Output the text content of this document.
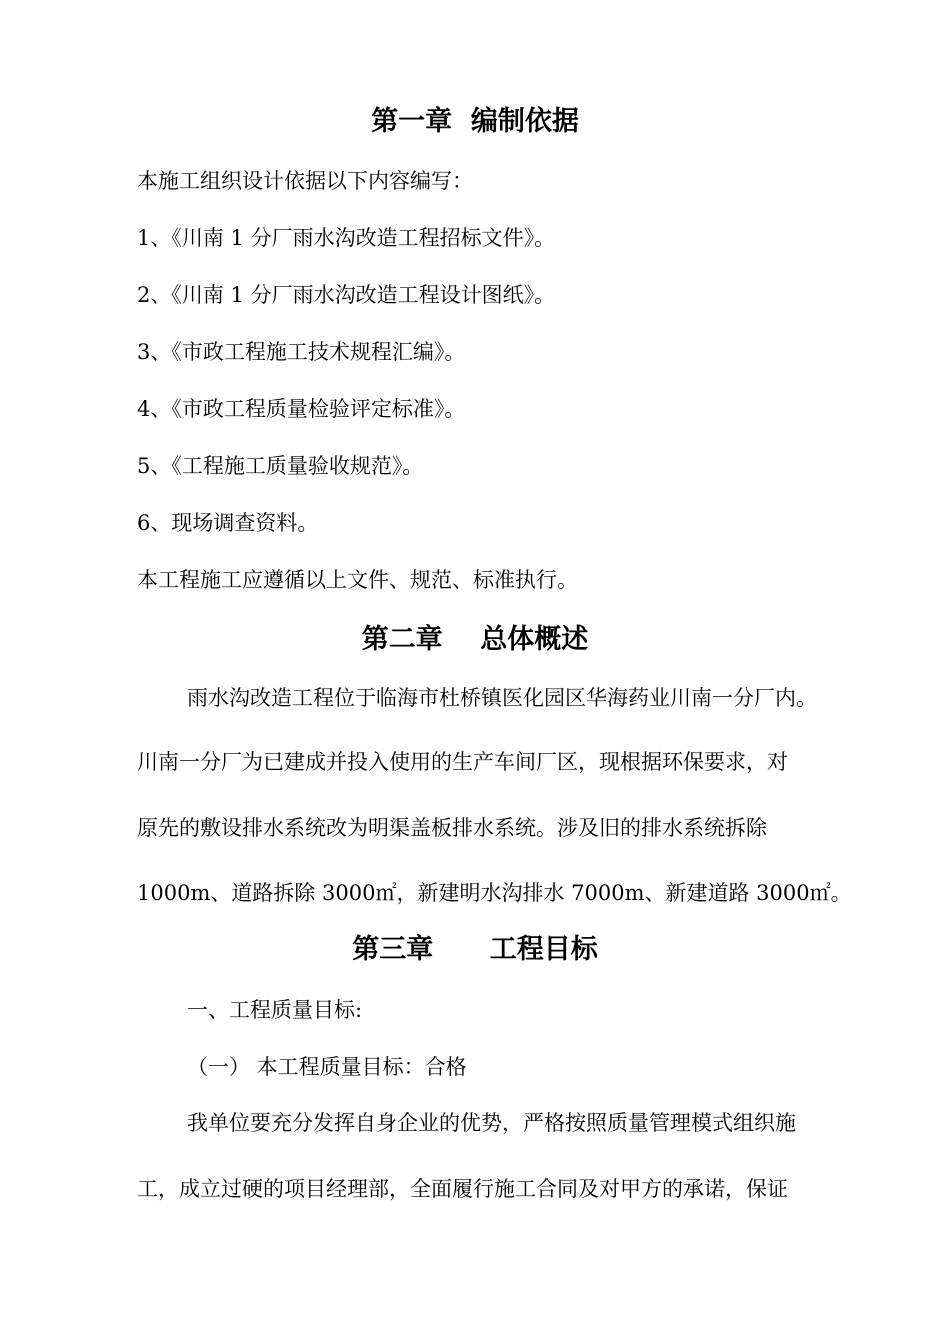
第一章  编制依据
本施工组织设计依据以下内容编写：
1、《川南 1 分厂雨水沟改造工程招标文件》。
2、《川南 1 分厂雨水沟改造工程设计图纸》。
3、《市政工程施工技术规程汇编》。
4、《市政工程质量检验评定标准》。
5、《工程施工质量验收规范》。
6、现场调查资料。
本工程施工应遵循以上文件、规范、标准执行。
第二章    总体概述
雨水沟改造工程位于临海市杜桥镇医化园区华海药业川南一分厂内。
川南一分厂为已建成并投入使用的生产车间厂区，现根据环保要求，对
原先的敷设排水系统改为明渠盖板排水系统。涉及旧的排水系统拆除
1000m、道路拆除 3000㎡，新建明水沟排水 7000m、新建道路 3000㎡。
第三章      工程目标
一、工程质量目标:
（一） 本工程质量目标：合格
我单位要充分发挥自身企业的优势，严格按照质量管理模式组织施
工，成立过硬的项目经理部，全面履行施工合同及对甲方的承诺，保证
